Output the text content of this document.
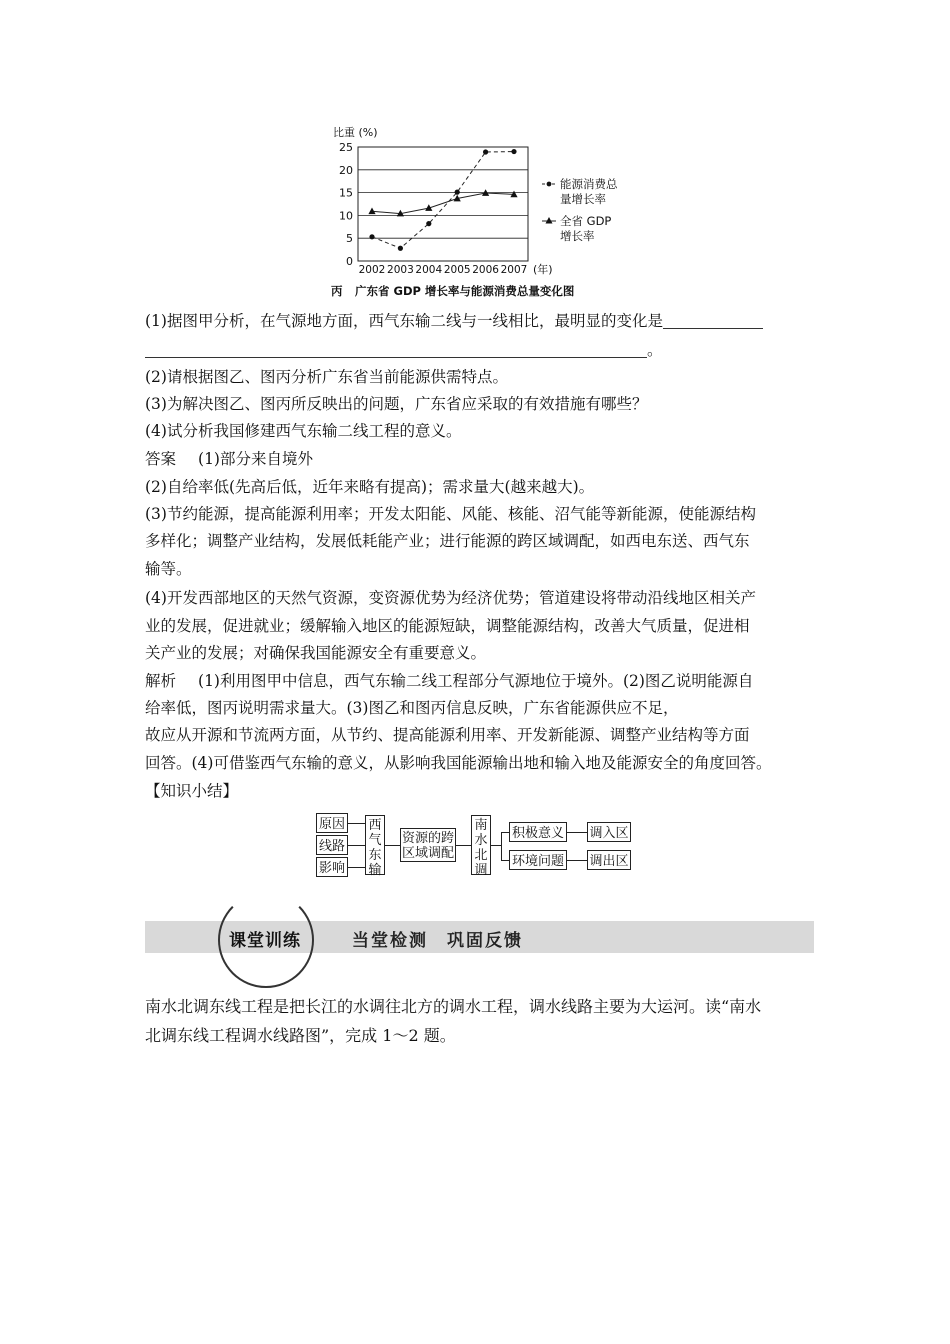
0
5
10
15
20
25
2002 2003 2004 2005 2006 2007
比重 (%)
(年)
能源消费总
量增长率
全省 GDP
增长率
丙 广东省 GDP 增长率与能源消费总量变化图
(1)据图甲分析，在气源地方面，西气东输二线与一线相比，最明显的变化是
。
(2)请根据图乙、图丙分析广东省当前能源供需特点。
(3)为解决图乙、图丙所反映出的问题，广东省应采取的有效措施有哪些？
(4)试分析我国修建西气东输二线工程的意义。
答案 (1)部分来自境外
(2)自给率低(先高后低，近年来略有提高)；需求量大(越来越大)。
(3)节约能源，提高能源利用率；开发太阳能、风能、核能、沼气能等新能源，使能源结构
多样化；调整产业结构，发展低耗能产业；进行能源的跨区域调配，如西电东送、西气东
输等。
(4)开发西部地区的天然气资源，变资源优势为经济优势；管道建设将带动沿线地区相关产
业的发展，促进就业；缓解输入地区的能源短缺，调整能源结构，改善大气质量，促进相
关产业的发展；对确保我国能源安全有重要意义。
解析 (1)利用图甲中信息，西气东输二线工程部分气源地位于境外。(2)图乙说明能源自
给率低，图丙说明需求量大。(3)图乙和图丙信息反映，广东省能源供应不足，
故应从开源和节流两方面，从节约、提高能源利用率、开发新能源、调整产业结构等方面
回答。(4)可借鉴西气东输的意义，从影响我国能源输出地和输入地及能源安全的角度回答。
【知识小结】
原因
线路
影响
西
气
东
输
资源的跨
区域调配
南
水
北
调
积极意义
环境问题
调入区
调出区
课堂训练	当堂检测　巩固反馈
南水北调东线工程是把长江的水调往北方的调水工程，调水线路主要为大运河。读“南水
北调东线工程调水线路图”，完成 1～2 题。
